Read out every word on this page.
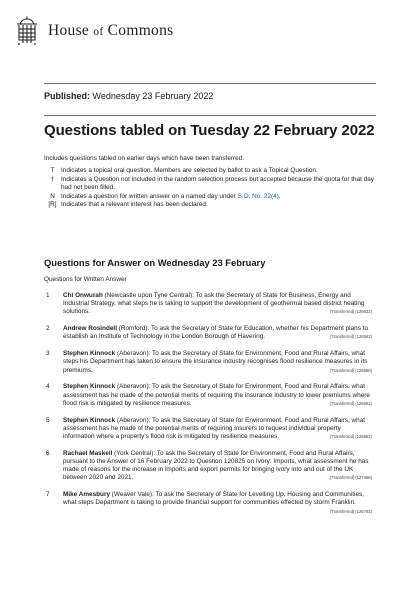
House of Commons
Published: Wednesday 23 February 2022
Questions tabled on Tuesday 22 February 2022
Includes questions tabled on earlier days which have been transferred.
T	Indicates a topical oral question. Members are selected by ballot to ask a Topical Question.
†	Indicates a Question not included in the random selection process but accepted because the quota for that day had not been filled.
N Indicates a question for written answer on a named day under S.O. No. 22(4).
[R] Indicates that a relevant interest has been declared.
Questions for Answer on Wednesday 23 February
Questions for Written Answer
1	Chi Onwurah (Newcastle upon Tyne Central): To ask the Secretary of State for Business, Energy and Industrial Strategy, what steps he is taking to support the development of geothermal based district heating solutions.	[Transferred] (126632)
2	Andrew Rosindell (Romford): To ask the Secretary of State for Education, whether his Department plans to establish an Institute of Technology in the London Borough of Havering.	[Transferred] (126582)
3	Stephen Kinnock (Aberavon): To ask the Secretary of State for Environment, Food and Rural Affairs, what steps his Department has taken to ensure the insurance industry recognises flood resilience measures in its premiums.	[Transferred] (126680)
4	Stephen Kinnock (Aberavon): To ask the Secretary of State for Environment, Food and Rural Affairs, what assessment has he made of the potential merits of requiring the insurance industry to lower premiums where flood risk is mitigated by resilience measures.	[Transferred] (126681)
5	Stephen Kinnock (Aberavon): To ask the Secretary of State for Environment, Food and Rural Affairs, what assessment has he made of the potential merits of requiring insurers to request individual property information where a property's flood risk is mitigated by resilience measures.	[Transferred] (126682)
6	Rachael Maskell (York Central): To ask the Secretary of State for Environment, Food and Rural Affairs, pursuant to the Answer of 16 February 2022 to Question 120825 on Ivory: Imports, what assessment he has made of reasons for the increase in imports and export permits for bringing ivory into and out of the UK between 2020 and 2021.	[Transferred] (127468)
7	Mike Amesbury (Weaver Vale): To ask the Secretary of State for Levelling Up, Housing and Communities, what steps Department is taking to provide financial support for communities effected by storm Franklin.
[Transferred] (126792)
